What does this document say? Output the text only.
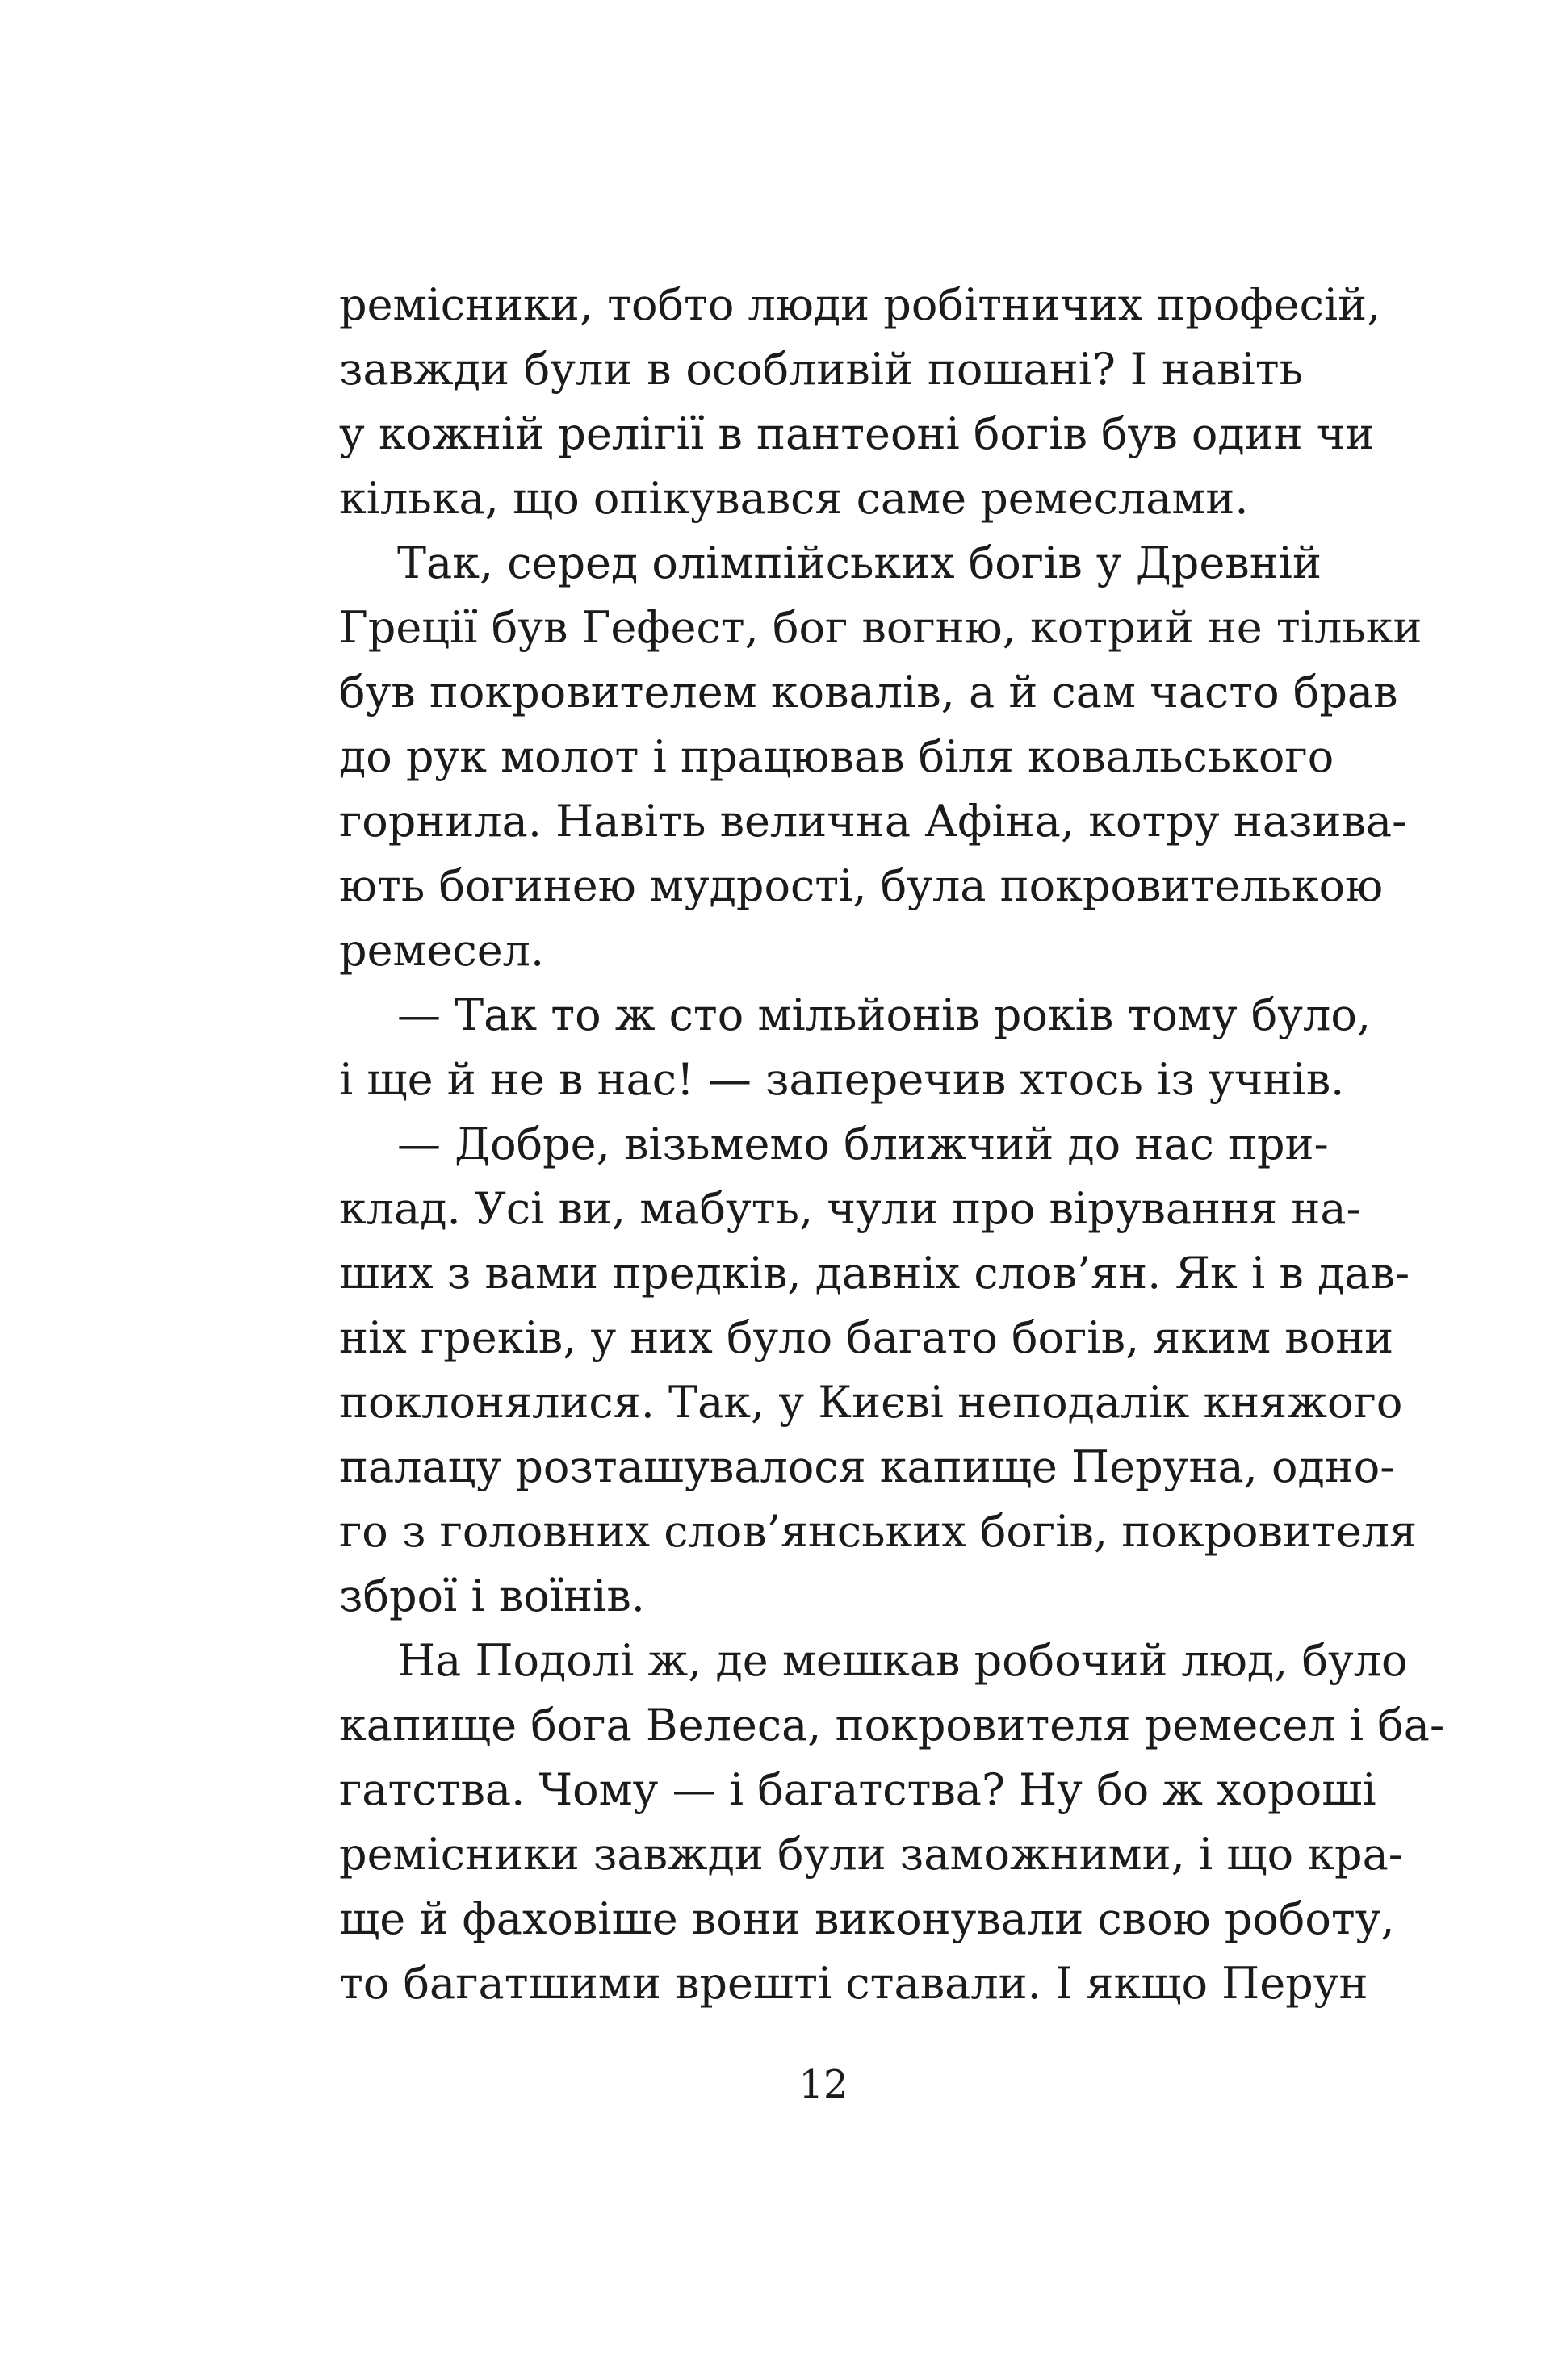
ремісники, тобто люди робітничих професій,
завжди були в особливій пошані? І навіть
у кожній релігії в пантеоні богів був один чи
кілька, що опікувався саме ремеслами.
Так, серед олімпійських богів у Древній
Греції був Гефест, бог вогню, котрий не тільки
був покровителем ковалів, а й сам часто брав
до рук молот і працював біля ковальського
горнила. Навіть велична Афіна, котру назива-
ють богинею мудрості, була покровителькою
ремесел.
— Так то ж сто мільйонів років тому було,
і ще й не в нас! — заперечив хтось із учнів.
— Добре, візьмемо ближчий до нас при-
клад. Усі ви, мабуть, чули про вірування на-
ших з вами предків, давніх слов’ян. Як і в дав-
ніх греків, у них було багато богів, яким вони
поклонялися. Так, у Києві неподалік княжого
палацу розташувалося капище Перуна, одно-
го з головних слов’янських богів, покровителя
зброї і воїнів.
На Подолі ж, де мешкав робочий люд, було
капище бога Велеса, покровителя ремесел і ба-
гатства. Чому — і багатства? Ну бо ж хороші
ремісники завжди були заможними, і що кра-
ще й фаховіше вони виконували свою роботу,
то багатшими врешті ставали. І якщо Перун
12
